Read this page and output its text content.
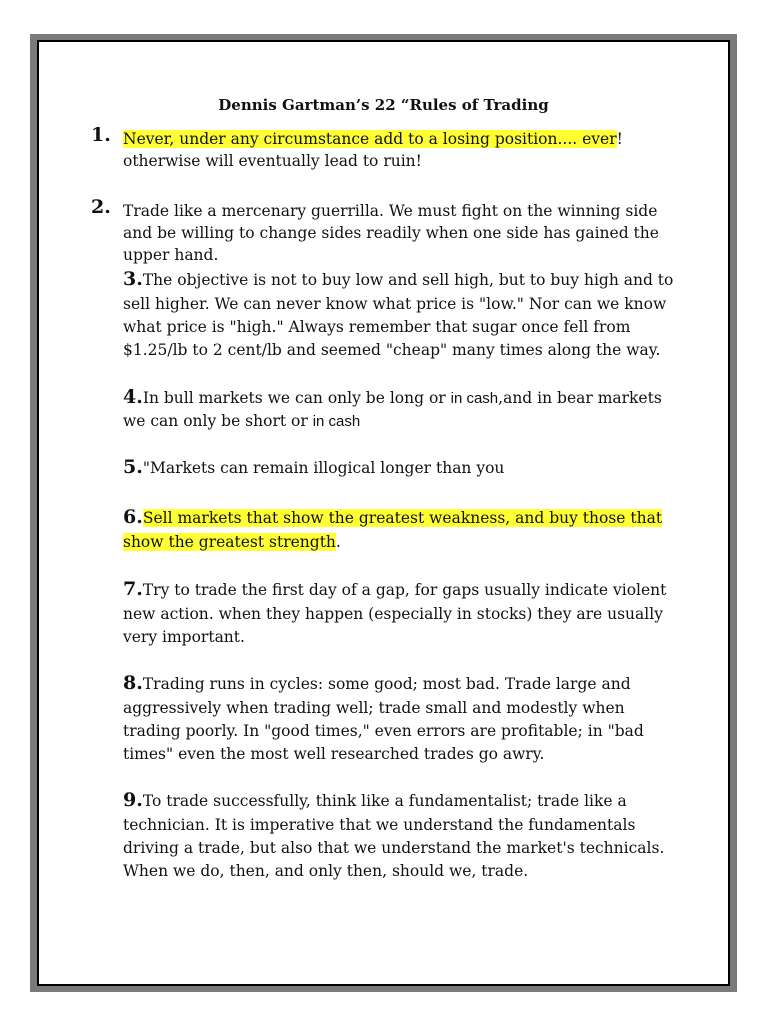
Dennis Gartman’s 22 “Rules of Trading
1. Never, under any circumstance add to a losing position.... ever!
otherwise will eventually lead to ruin!
2. Trade like a mercenary guerrilla. We must fight on the winning side
and be willing to change sides readily when one side has gained the
upper hand.
3.The objective is not to buy low and sell high, but to buy high and to
sell higher. We can never know what price is "low." Nor can we know
what price is "high." Always remember that sugar once fell from
$1.25/lb to 2 cent/lb and seemed "cheap" many times along the way.
4.In bull markets we can only be long or in cash,and in bear markets
we can only be short or in cash
5."Markets can remain illogical longer than you
6.Sell markets that show the greatest weakness, and buy those that
show the greatest strength.
7.Try to trade the first day of a gap, for gaps usually indicate violent
new action. when they happen (especially in stocks) they are usually
very important.
8.Trading runs in cycles: some good; most bad. Trade large and
aggressively when trading well; trade small and modestly when
trading poorly. In "good times," even errors are profitable; in "bad
times" even the most well researched trades go awry.
9.To trade successfully, think like a fundamentalist; trade like a
technician. It is imperative that we understand the fundamentals
driving a trade, but also that we understand the market's technicals.
When we do, then, and only then, should we, trade.
